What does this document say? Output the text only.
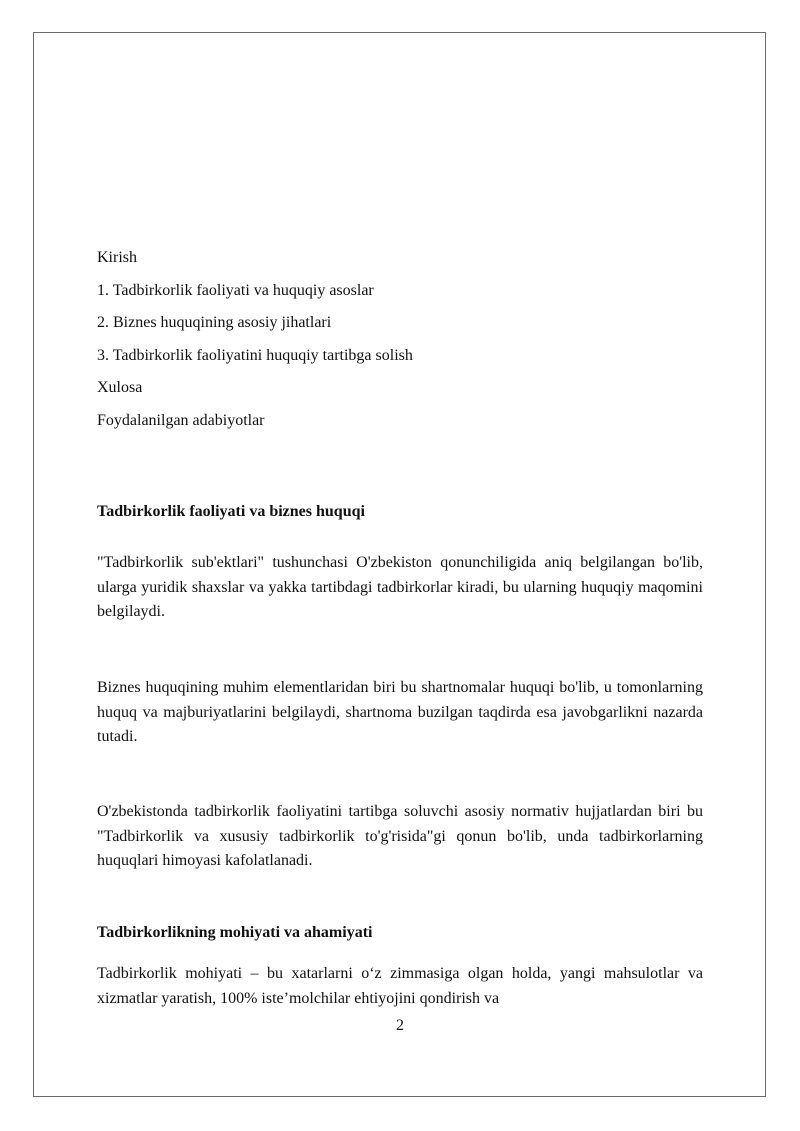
Kirish
1. Tadbirkorlik faoliyati va huquqiy asoslar
2. Biznes huquqining asosiy jihatlari
3. Tadbirkorlik faoliyatini huquqiy tartibga solish
Xulosa
Foydalanilgan adabiyotlar
Tadbirkorlik faoliyati va biznes huquqi

"Tadbirkorlik sub'ektlari" tushunchasi O'zbekiston qonunchiligida aniq belgilangan bo'lib, ularga yuridik shaxslar va yakka tartibdagi tadbirkorlar kiradi, bu ularning huquqiy maqomini belgilaydi.

Biznes huquqining muhim elementlaridan biri bu shartnomalar huquqi bo'lib, u tomonlarning huquq va majburiyatlarini belgilaydi, shartnoma buzilgan taqdirda esa javobgarlikni nazarda tutadi.

O'zbekistonda tadbirkorlik faoliyatini tartibga soluvchi asosiy normativ hujjatlardan biri bu "Tadbirkorlik va xususiy tadbirkorlik to'g'risida"gi qonun bo'lib, unda tadbirkorlarning huquqlari himoyasi kafolatlanadi.

Tadbirkorlikning mohiyati va ahamiyati

Tadbirkorlik mohiyati – bu xatarlarni o‘z zimmasiga olgan holda, yangi mahsulotlar va xizmatlar yaratish, 100% iste’molchilar ehtiyojini qondirish va

2
